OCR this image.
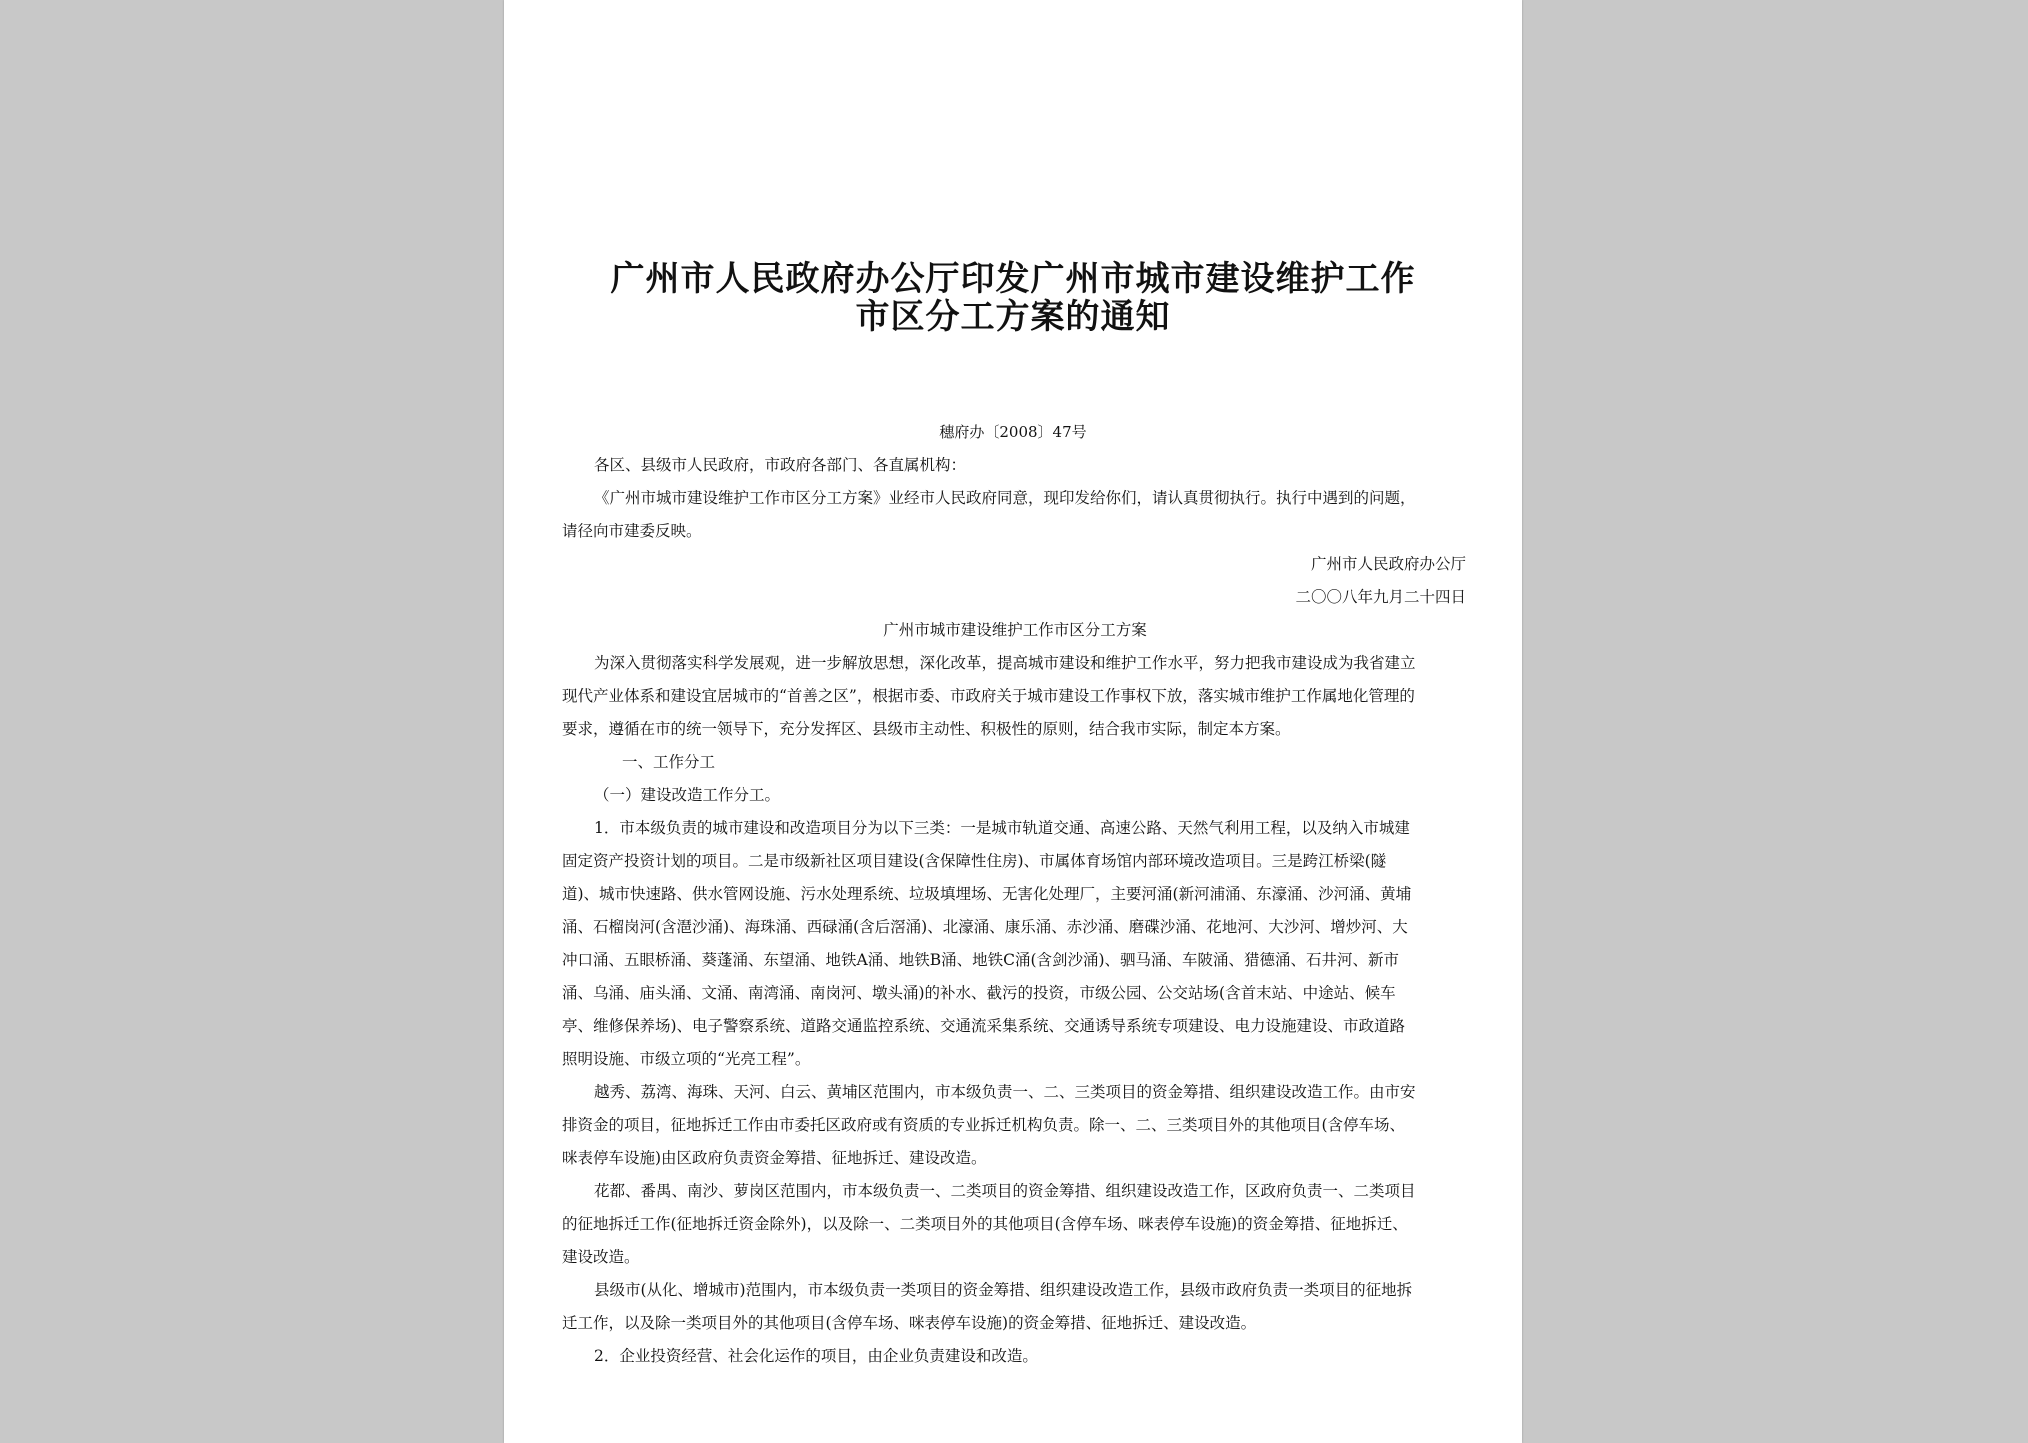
广州市人民政府办公厅印发广州市城市建设维护工作
市区分工方案的通知
穗府办〔2008〕47号
各区、县级市人民政府，市政府各部门、各直属机构：
《广州市城市建设维护工作市区分工方案》业经市人民政府同意，现印发给你们，请认真贯彻执行。执行中遇到的问题，
请径向市建委反映。
广州市人民政府办公厅
二〇〇八年九月二十四日
广州市城市建设维护工作市区分工方案
为深入贯彻落实科学发展观，进一步解放思想，深化改革，提高城市建设和维护工作水平，努力把我市建设成为我省建立
现代产业体系和建设宜居城市的“首善之区”，根据市委、市政府关于城市建设工作事权下放，落实城市维护工作属地化管理的
要求，遵循在市的统一领导下，充分发挥区、县级市主动性、积极性的原则，结合我市实际，制定本方案。
一、工作分工
（一）建设改造工作分工。
1．市本级负责的城市建设和改造项目分为以下三类：一是城市轨道交通、高速公路、天然气利用工程，以及纳入市城建
固定资产投资计划的项目。二是市级新社区项目建设(含保障性住房)、市属体育场馆内部环境改造项目。三是跨江桥梁(隧
道)、城市快速路、供水管网设施、污水处理系统、垃圾填埋场、无害化处理厂，主要河涌(新河浦涌、东濠涌、沙河涌、黄埔
涌、石榴岗河(含潖沙涌)、海珠涌、西碌涌(含后滘涌)、北濠涌、康乐涌、赤沙涌、磨碟沙涌、花地河、大沙河、增炒河、大
冲口涌、五眼桥涌、葵蓬涌、东望涌、地铁A涌、地铁B涌、地铁C涌(含剑沙涌)、驷马涌、车陂涌、猎德涌、石井河、新市
涌、乌涌、庙头涌、文涌、南湾涌、南岗河、墩头涌)的补水、截污的投资，市级公园、公交站场(含首末站、中途站、候车
亭、维修保养场)、电子警察系统、道路交通监控系统、交通流采集系统、交通诱导系统专项建设、电力设施建设、市政道路
照明设施、市级立项的“光亮工程”。
越秀、荔湾、海珠、天河、白云、黄埔区范围内，市本级负责一、二、三类项目的资金筹措、组织建设改造工作。由市安
排资金的项目，征地拆迁工作由市委托区政府或有资质的专业拆迁机构负责。除一、二、三类项目外的其他项目(含停车场、
咪表停车设施)由区政府负责资金筹措、征地拆迁、建设改造。
花都、番禺、南沙、萝岗区范围内，市本级负责一、二类项目的资金筹措、组织建设改造工作，区政府负责一、二类项目
的征地拆迁工作(征地拆迁资金除外)，以及除一、二类项目外的其他项目(含停车场、咪表停车设施)的资金筹措、征地拆迁、
建设改造。
县级市(从化、增城市)范围内，市本级负责一类项目的资金筹措、组织建设改造工作，县级市政府负责一类项目的征地拆
迁工作，以及除一类项目外的其他项目(含停车场、咪表停车设施)的资金筹措、征地拆迁、建设改造。
2．企业投资经营、社会化运作的项目，由企业负责建设和改造。
